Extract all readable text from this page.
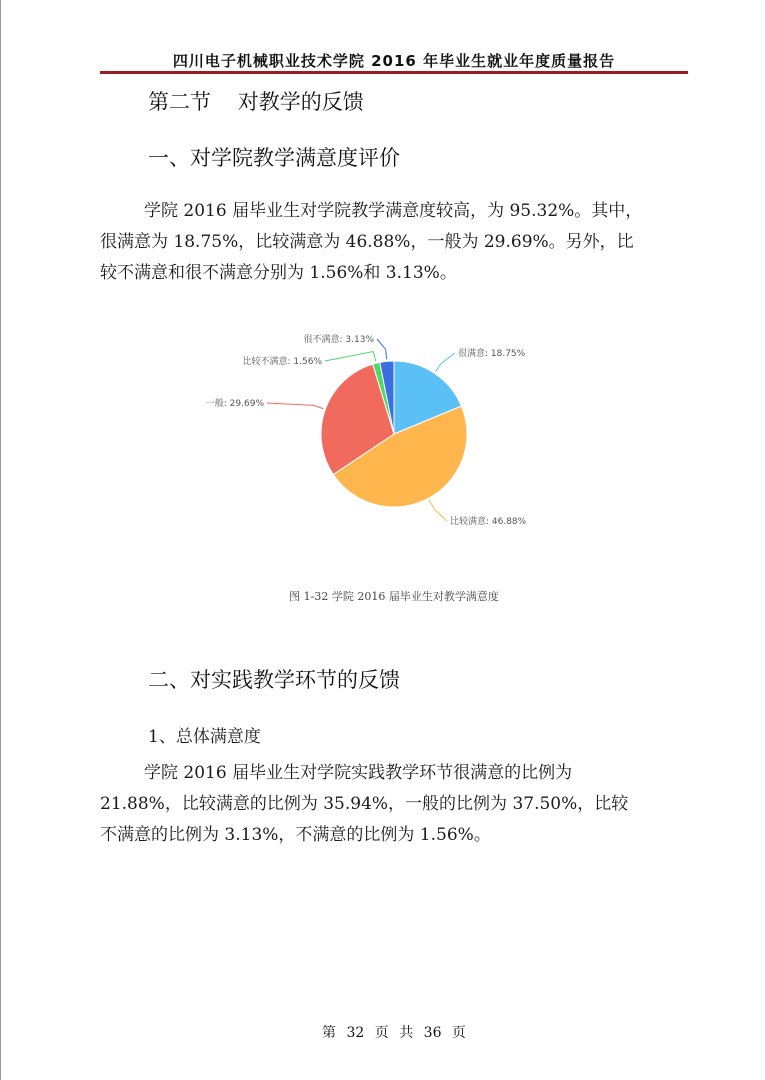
四川电子机械职业技术学院 2016 年毕业生就业年度质量报告
第二节    对教学的反馈
一、对学院教学满意度评价
学院 2016 届毕业生对学院教学满意度较高，为 95.32%。其中，
很满意为 18.75%，比较满意为 46.88%，一般为 29.69%。另外，比
较不满意和很不满意分别为 1.56%和 3.13%。
很满意: 18.75%
比较满意: 46.88%
一般: 29.69%
比较不满意: 1.56%
很不满意: 3.13%
图 1-32 学院 2016 届毕业生对教学满意度
二、对实践教学环节的反馈
1、总体满意度
学院 2016 届毕业生对学院实践教学环节很满意的比例为
21.88%，比较满意的比例为 35.94%，一般的比例为 37.50%，比较
不满意的比例为 3.13%，不满意的比例为 1.56%。
第 32 页 共 36 页
